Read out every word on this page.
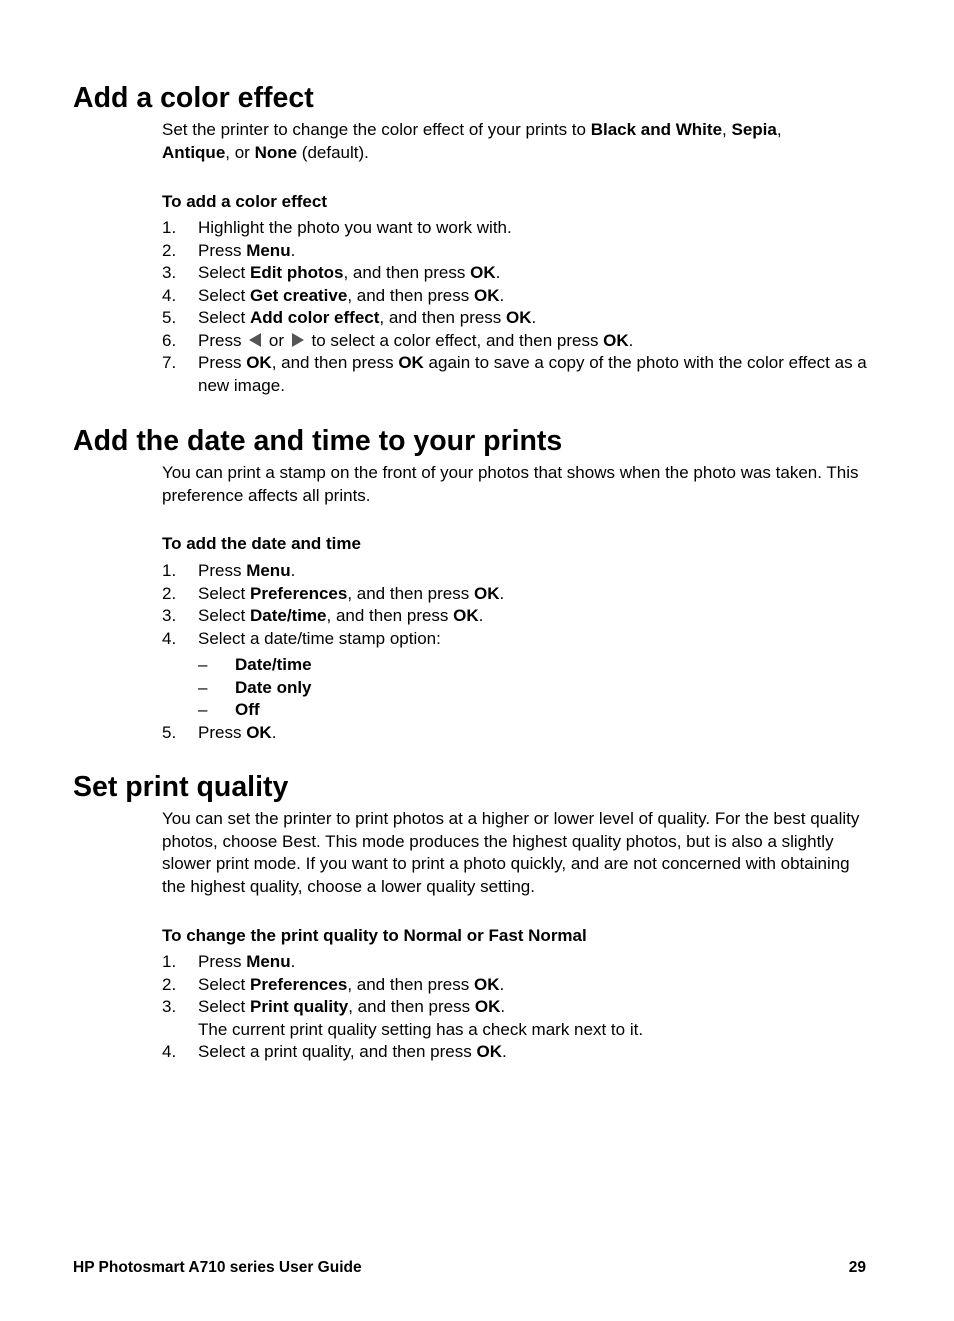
Add a color effect
Set the printer to change the color effect of your prints to Black and White, Sepia,
Antique, or None (default).
To add a color effect
1. Highlight the photo you want to work with.
2. Press Menu.
3. Select Edit photos, and then press OK.
4. Select Get creative, and then press OK.
5. Select Add color effect, and then press OK.
6. Press  or  to select a color effect, and then press OK.
7. Press OK, and then press OK again to save a copy of the photo with the color effect as a new image.
Add the date and time to your prints
You can print a stamp on the front of your photos that shows when the photo was taken. This preference affects all prints.
To add the date and time
1. Press Menu.
2. Select Preferences, and then press OK.
3. Select Date/time, and then press OK.
4. Select a date/time stamp option:
– Date/time
– Date only
– Off
5. Press OK.
Set print quality
You can set the printer to print photos at a higher or lower level of quality. For the best quality photos, choose Best. This mode produces the highest quality photos, but is also a slightly slower print mode. If you want to print a photo quickly, and are not concerned with obtaining the highest quality, choose a lower quality setting.
To change the print quality to Normal or Fast Normal
1. Press Menu.
2. Select Preferences, and then press OK.
3. Select Print quality, and then press OK.
The current print quality setting has a check mark next to it.
4. Select a print quality, and then press OK.
HP Photosmart A710 series User Guide	29
